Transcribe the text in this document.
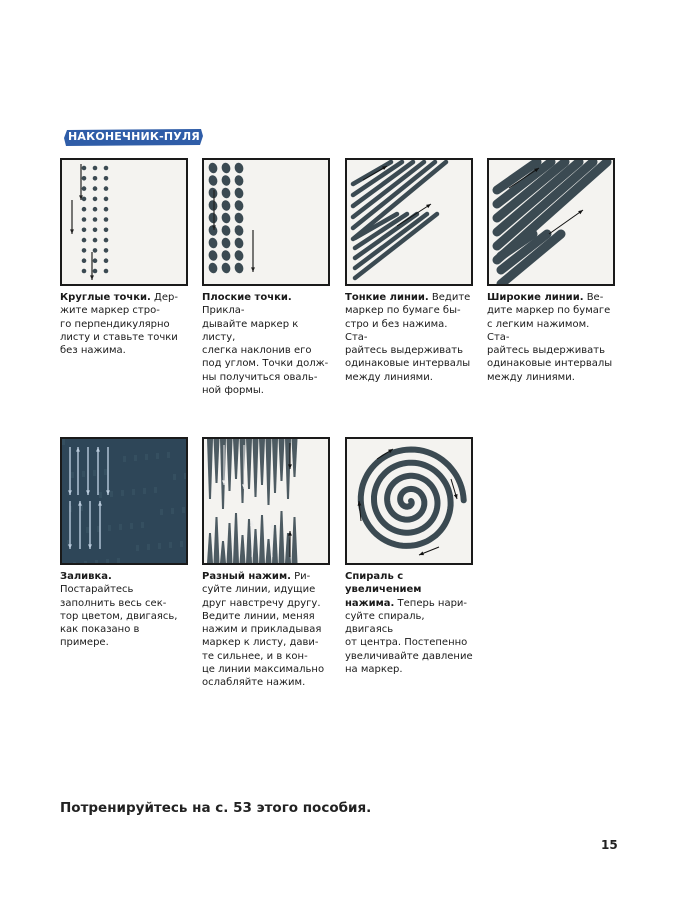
НАКОНЕЧНИК-ПУЛЯ
Круглые точки. Дер-
жите маркер стро-
го перпендикулярно
листу и ставьте точки
без нажима.
Плоские точки. Прикла-
дывайте маркер к листу,
слегка наклонив его
под углом. Точки долж-
ны получиться оваль-
ной формы.
Тонкие линии. Ведите
маркер по бумаге бы-
стро и без нажима. Ста-
райтесь выдерживать
одинаковые интервалы
между линиями.
Широкие линии. Ве-
дите маркер по бумаге
с легким нажимом. Ста-
райтесь выдерживать
одинаковые интервалы
между линиями.
Заливка. Постарайтесь
заполнить весь сек-
тор цветом, двигаясь,
как показано в примере.
Разный нажим. Ри-
суйте линии, идущие
друг навстречу другу.
Ведите линии, меняя
нажим и прикладывая
маркер к листу, дави-
те сильнее, и в кон-
це линии максимально
ослабляйте нажим.
Спираль с увеличением нажима. Теперь нари-
суйте спираль, двигаясь
от центра. Постепенно
увеличивайте давление
на маркер.
Потренируйтесь на с. 53 этого пособия.
15
